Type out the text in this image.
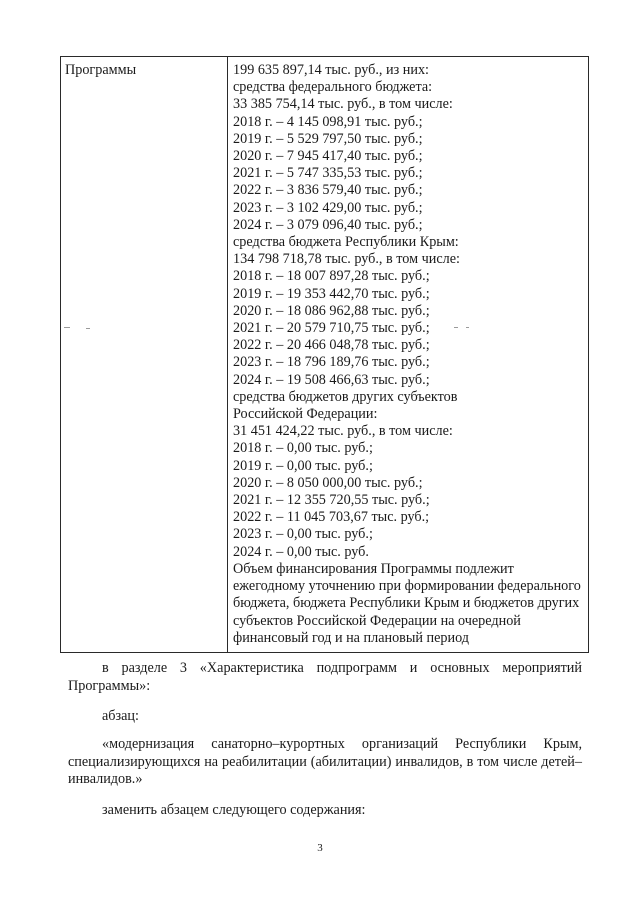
Программы	199 635 897,14 тыс. руб., из них:
средства федерального бюджета:
33 385 754,14 тыс. руб., в том числе:
2018 г. – 4 145 098,91 тыс. руб.;
2019 г. – 5 529 797,50 тыс. руб.;
2020 г. – 7 945 417,40 тыс. руб.;
2021 г. – 5 747 335,53 тыс. руб.;
2022 г. – 3 836 579,40 тыс. руб.;
2023 г. – 3 102 429,00 тыс. руб.;
2024 г. – 3 079 096,40 тыс. руб.;
средства бюджета Республики Крым:
134 798 718,78 тыс. руб., в том числе:
2018 г. – 18 007 897,28 тыс. руб.;
2019 г. – 19 353 442,70 тыс. руб.;
2020 г. – 18 086 962,88 тыс. руб.;
2021 г. – 20 579 710,75 тыс. руб.;
2022 г. – 20 466 048,78 тыс. руб.;
2023 г. – 18 796 189,76 тыс. руб.;
2024 г. – 19 508 466,63 тыс. руб.;
средства бюджетов других субъектов
Российской Федерации:
31 451 424,22 тыс. руб., в том числе:
2018 г. – 0,00 тыс. руб.;
2019 г. – 0,00 тыс. руб.;
2020 г. – 8 050 000,00 тыс. руб.;
2021 г. – 12 355 720,55 тыс. руб.;
2022 г. – 11 045 703,67 тыс. руб.;
2023 г. – 0,00 тыс. руб.;
2024 г. – 0,00 тыс. руб.
Объем финансирования Программы подлежит ежегодному уточнению при формировании федерального бюджета, бюджета Республики Крым и бюджетов других субъектов Российской Федерации на очередной финансовый год и на плановый период
в разделе 3 «Характеристика подпрограмм и основных мероприятий Программы»:
абзац:
«модернизация санаторно–курортных организаций Республики Крым, специализирующихся на реабилитации (абилитации) инвалидов, в том числе детей–инвалидов.»
заменить абзацем следующего содержания:
3
